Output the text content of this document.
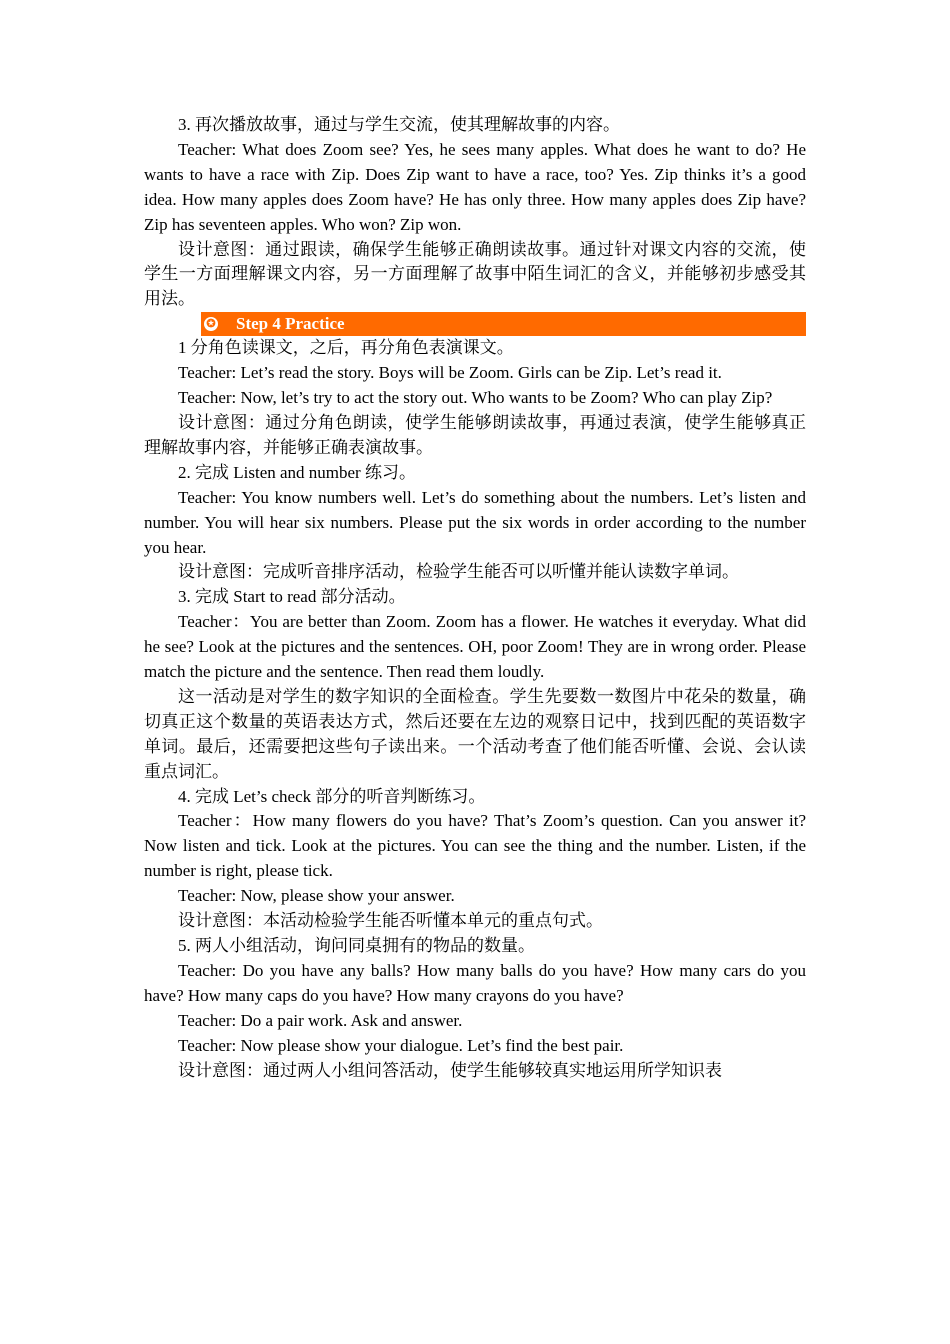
3. 再次播放故事，通过与学生交流，使其理解故事的内容。

Teacher: What does Zoom see? Yes, he sees many apples. What does he want to do? He wants to have a race with Zip. Does Zip want to have a race, too? Yes. Zip thinks it’s a good idea. How many apples does Zoom have? He has only three. How many apples does Zip have? Zip has seventeen apples. Who won? Zip won.

设计意图：通过跟读，确保学生能够正确朗读故事。通过针对课文内容的交流，使学生一方面理解课文内容，另一方面理解了故事中陌生词汇的含义，并能够初步感受其用法。

✪ Step 4 Practice

1 分角色读课文，之后，再分角色表演课文。

Teacher: Let’s read the story. Boys will be Zoom. Girls can be Zip. Let’s read it.

Teacher: Now, let’s try to act the story out. Who wants to be Zoom? Who can play Zip?

设计意图：通过分角色朗读，使学生能够朗读故事，再通过表演，使学生能够真正理解故事内容，并能够正确表演故事。

2. 完成 Listen and number 练习。

Teacher: You know numbers well. Let’s do something about the numbers. Let’s listen and number. You will hear six numbers. Please put the six words in order according to the number you hear.

设计意图：完成听音排序活动，检验学生能否可以听懂并能认读数字单词。

3. 完成 Start to read 部分活动。

Teacher：You are better than Zoom. Zoom has a flower. He watches it everyday. What did he see? Look at the pictures and the sentences. OH, poor Zoom! They are in wrong order. Please match the picture and the sentence. Then read them loudly.

这一活动是对学生的数字知识的全面检查。学生先要数一数图片中花朵的数量，确切真正这个数量的英语表达方式，然后还要在左边的观察日记中，找到匹配的英语数字单词。最后，还需要把这些句子读出来。一个活动考查了他们能否听懂、会说、会认读重点词汇。

4. 完成 Let’s check 部分的听音判断练习。

Teacher：How many flowers do you have? That’s Zoom’s question. Can you answer it? Now listen and tick. Look at the pictures. You can see the thing and the number. Listen, if the number is right, please tick.

Teacher: Now, please show your answer.

设计意图：本活动检验学生能否听懂本单元的重点句式。

5. 两人小组活动，询问同桌拥有的物品的数量。

Teacher: Do you have any balls? How many balls do you have? How many cars do you have? How many caps do you have? How many crayons do you have?

Teacher: Do a pair work. Ask and answer.

Teacher: Now please show your dialogue. Let’s find the best pair.

设计意图：通过两人小组问答活动，使学生能够较真实地运用所学知识表
